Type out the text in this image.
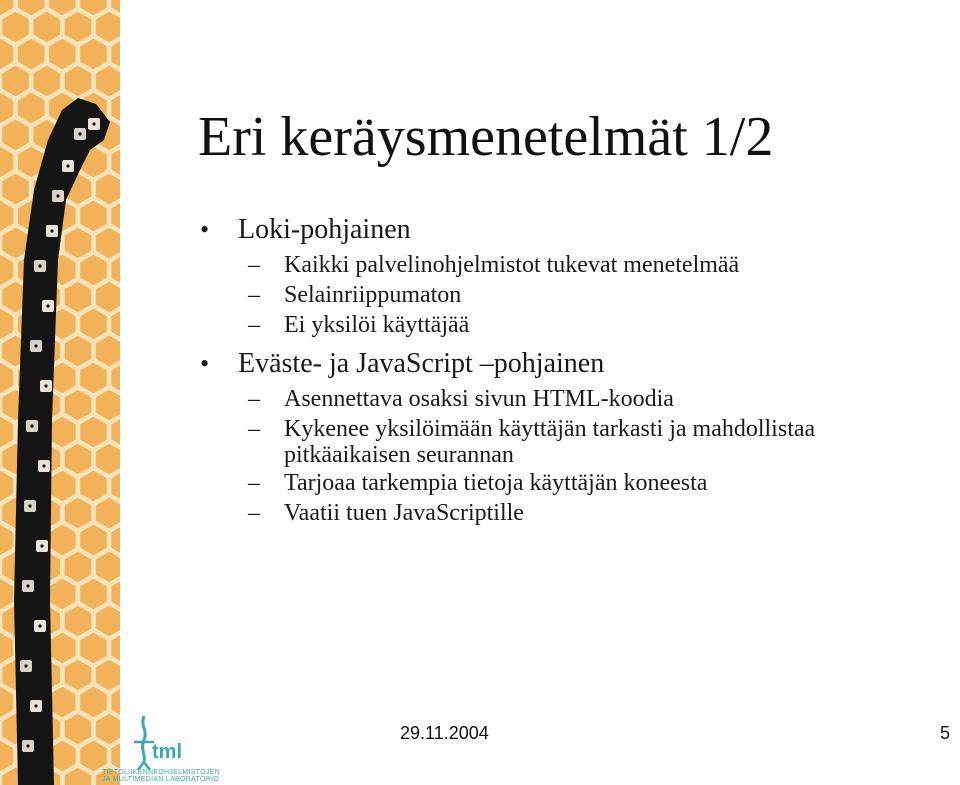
Eri keräysmenetelmät 1/2
• Loki-pohjainen
– Kaikki palvelinohjelmistot tukevat menetelmää
– Selainriippumaton
– Ei yksilöi käyttäjää
• Eväste- ja JavaScript –pohjainen
– Asennettava osaksi sivun HTML-koodia
– Kykenee yksilöimään käyttäjän tarkasti ja mahdollistaa pitkäaikaisen seurannan
– Tarjoaa tarkempia tietoja käyttäjän koneesta
– Vaatii tuen JavaScriptille
tml
TIETOLIIKENNEOHJELMISTOJEN
JA MULTIMEDIAN LABORATORIO
29.11.2004	5
